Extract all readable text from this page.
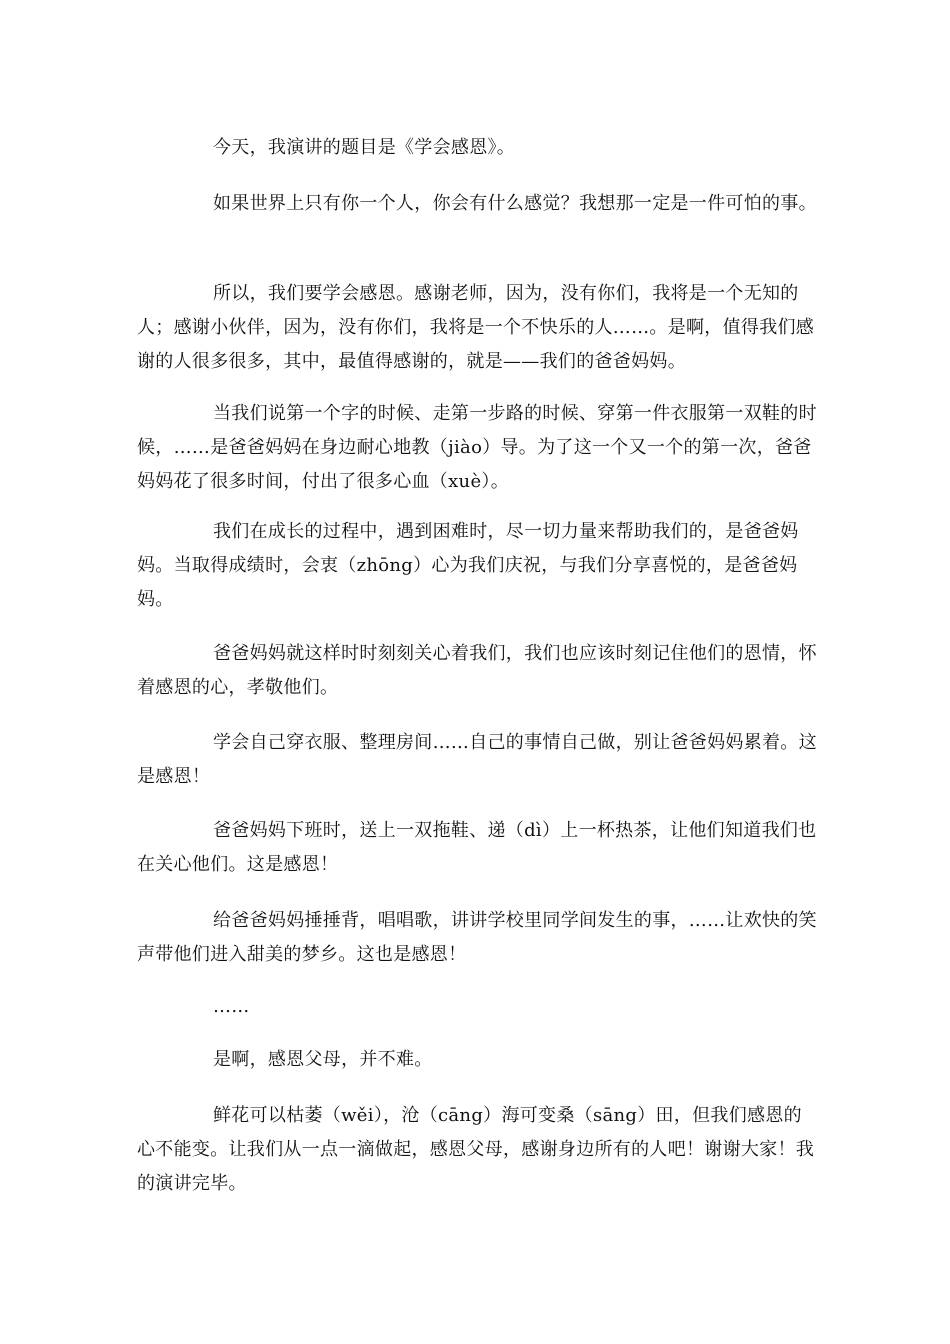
今天，我演讲的题目是《学会感恩》。

如果世界上只有你一个人，你会有什么感觉？我想那一定是一件可怕的事。

所以，我们要学会感恩。感谢老师，因为，没有你们，我将是一个无知的人；感谢小伙伴，因为，没有你们，我将是一个不快乐的人……。是啊，值得我们感谢的人很多很多，其中，最值得感谢的，就是——我们的爸爸妈妈。

当我们说第一个字的时候、走第一步路的时候、穿第一件衣服第一双鞋的时候，……是爸爸妈妈在身边耐心地教（jiào）导。为了这一个又一个的第一次，爸爸妈妈花了很多时间，付出了很多心血（xuè）。

我们在成长的过程中，遇到困难时，尽一切力量来帮助我们的，是爸爸妈妈。当取得成绩时，会衷（zhōng）心为我们庆祝，与我们分享喜悦的，是爸爸妈妈。

爸爸妈妈就这样时时刻刻关心着我们，我们也应该时刻记住他们的恩情，怀着感恩的心，孝敬他们。

学会自己穿衣服、整理房间……自己的事情自己做，别让爸爸妈妈累着。这是感恩！

爸爸妈妈下班时，送上一双拖鞋、递（dì）上一杯热茶，让他们知道我们也在关心他们。这是感恩！

给爸爸妈妈捶捶背，唱唱歌，讲讲学校里同学间发生的事，……让欢快的笑声带他们进入甜美的梦乡。这也是感恩！

……

是啊，感恩父母，并不难。

鲜花可以枯萎（wěi），沧（cāng）海可变桑（sāng）田，但我们感恩的心不能变。让我们从一点一滴做起，感恩父母，感谢身边所有的人吧！谢谢大家！我的演讲完毕。
